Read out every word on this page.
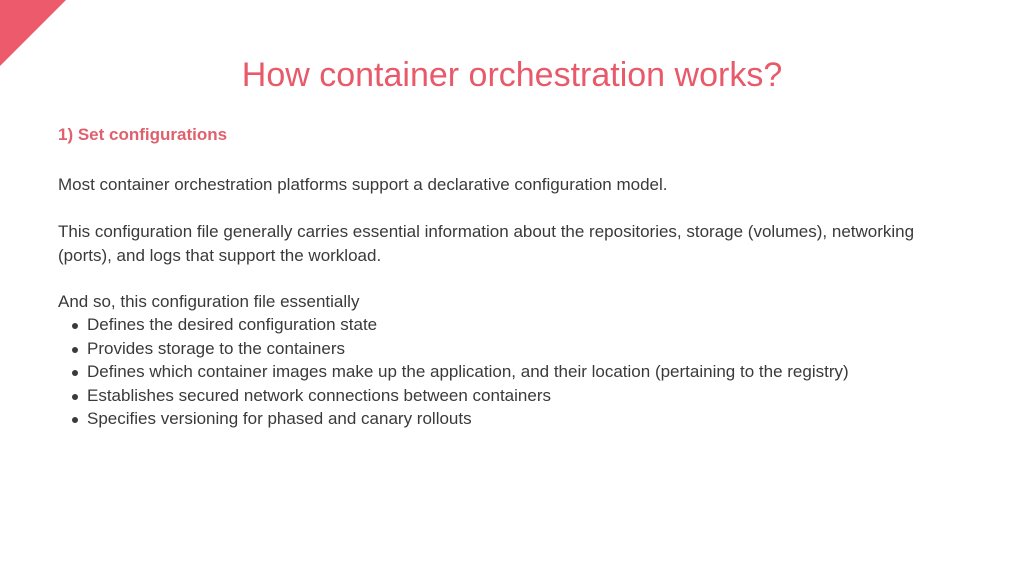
How container orchestration works?
1) Set configurations

Most container orchestration platforms support a declarative configuration model.

This configuration file generally carries essential information about the repositories, storage (volumes), networking (ports), and logs that support the workload.

And so, this configuration file essentially

Defines the desired configuration state
Provides storage to the containers
Defines which container images make up the application, and their location (pertaining to the registry)
Establishes secured network connections between containers
Specifies versioning for phased and canary rollouts
